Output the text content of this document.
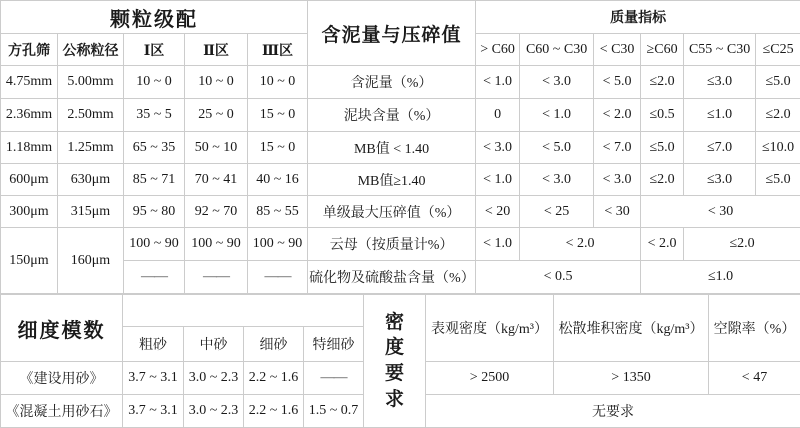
颗粒级配					含泥量与压碎值	质量指标					
方孔筛	公称粒径	Ⅰ区	Ⅱ区	Ⅲ区		> C60	C60 ~ C30	< C30	≥C60	C55 ~ C30	≤C25
4.75mm	5.00mm	10 ~ 0	10 ~ 0	10 ~ 0	含泥量（%）	< 1.0	< 3.0	< 5.0	≤2.0	≤3.0	≤5.0
2.36mm	2.50mm	35 ~ 5	25 ~ 0	15 ~ 0	泥块含量（%）	0	< 1.0	< 2.0	≤0.5	≤1.0	≤2.0
1.18mm	1.25mm	65 ~ 35	50 ~ 10	15 ~ 0	MB值 < 1.40	< 3.0	< 5.0	< 7.0	≤5.0	≤7.0	≤10.0
600μm	630μm	85 ~ 71	70 ~ 41	40 ~ 16	MB值≥1.40	< 1.0	< 3.0	< 3.0	≤2.0	≤3.0	≤5.0
300μm	315μm	95 ~ 80	92 ~ 70	85 ~ 55	单级最大压碎值（%）	< 20	< 25	< 30	< 30		
150μm	160μm	100 ~ 90	100 ~ 90	100 ~ 90	云母（按质量计%）	< 1.0	< 2.0		< 2.0	≤2.0	
		——	——	——	硫化物及硫酸盐含量（%）	< 0.5			≤1.0		
细度模数					密度要求	表观密度（kg/m³）	松散堆积密度（kg/m³）	空隙率（%）
	粗砂	中砂	细砂	特细砂				
《建设用砂》	3.7 ~ 3.1	3.0 ~ 2.3	2.2 ~ 1.6	——		> 2500	> 1350	< 47
《混凝土用砂石》	3.7 ~ 3.1	3.0 ~ 2.3	2.2 ~ 1.6	1.5 ~ 0.7		无要求		
